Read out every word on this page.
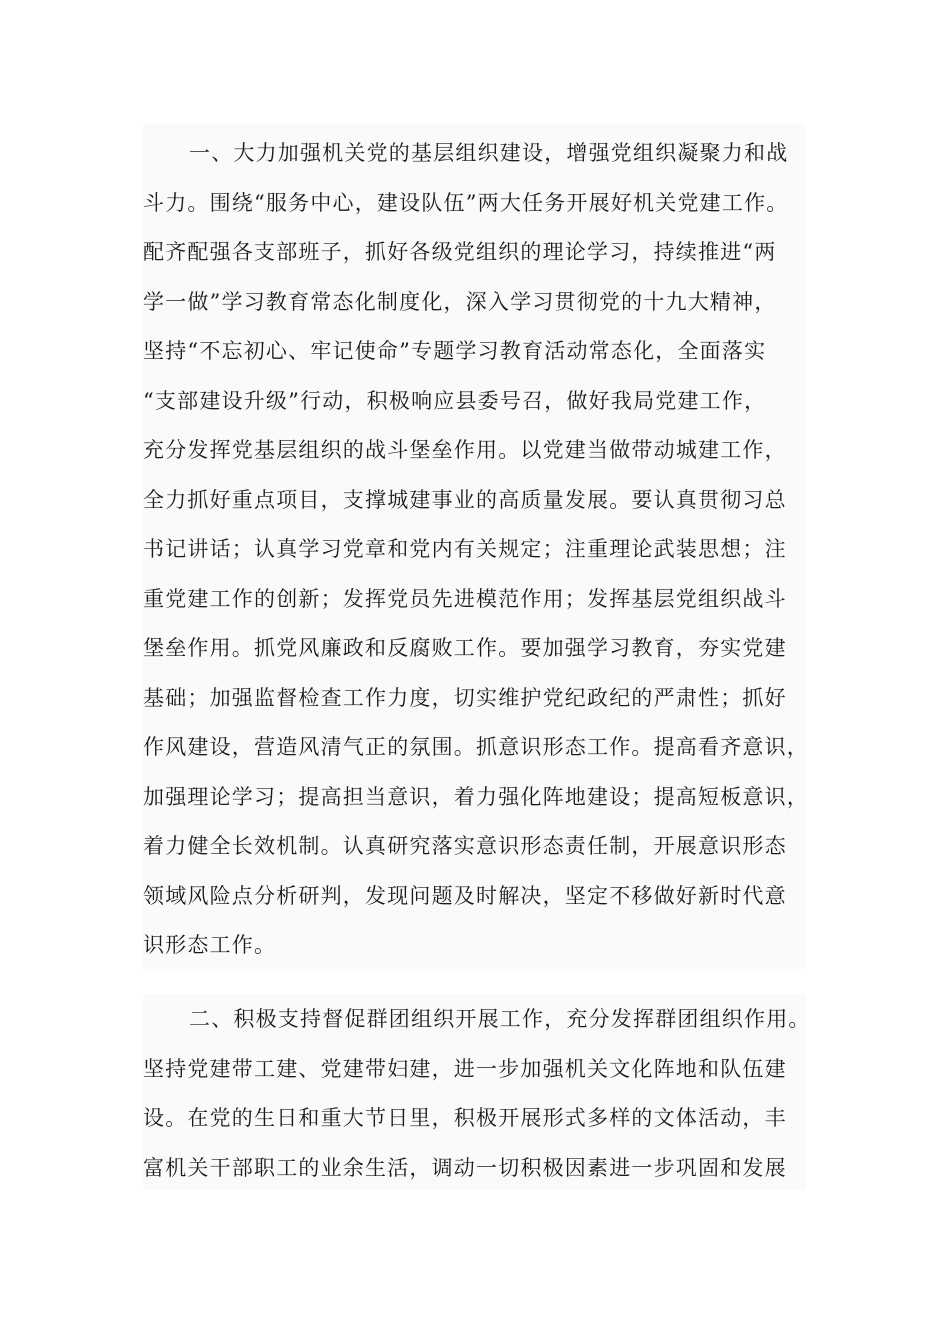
一、大力加强机关党的基层组织建设，增强党组织凝聚力和战
斗力。围绕“服务中心，建设队伍”两大任务开展好机关党建工作。
配齐配强各支部班子，抓好各级党组织的理论学习，持续推进“两
学一做”学习教育常态化制度化，深入学习贯彻党的十九大精神，
坚持“不忘初心、牢记使命”专题学习教育活动常态化，全面落实
“支部建设升级”行动，积极响应县委号召，做好我局党建工作，
充分发挥党基层组织的战斗堡垒作用。以党建当做带动城建工作，
全力抓好重点项目，支撑城建事业的高质量发展。要认真贯彻习总
书记讲话；认真学习党章和党内有关规定；注重理论武装思想；注
重党建工作的创新；发挥党员先进模范作用；发挥基层党组织战斗
堡垒作用。抓党风廉政和反腐败工作。要加强学习教育，夯实党建
基础；加强监督检查工作力度，切实维护党纪政纪的严肃性；抓好
作风建设，营造风清气正的氛围。抓意识形态工作。提高看齐意识，
加强理论学习；提高担当意识，着力强化阵地建设；提高短板意识，
着力健全长效机制。认真研究落实意识形态责任制，开展意识形态
领域风险点分析研判，发现问题及时解决，坚定不移做好新时代意
识形态工作。
二、积极支持督促群团组织开展工作，充分发挥群团组织作用。
坚持党建带工建、党建带妇建，进一步加强机关文化阵地和队伍建
设。在党的生日和重大节日里，积极开展形式多样的文体活动，丰
富机关干部职工的业余生活，调动一切积极因素进一步巩固和发展
